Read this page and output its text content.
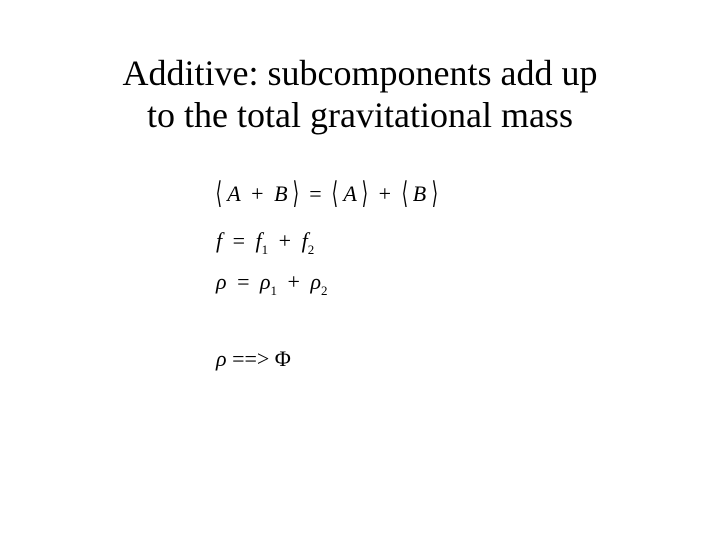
Additive: subcomponents add up
to the total gravitational mass
⟨ A + B ⟩ = ⟨ A ⟩ + ⟨ B ⟩
$f = f_1 + f_2$
$\rho = \rho_1 + \rho_2$
ρ ==> Φ
